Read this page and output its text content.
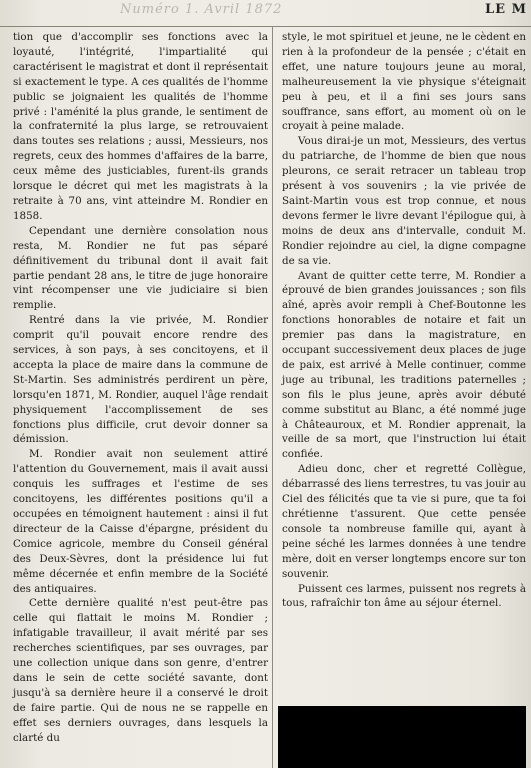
Numéro 1. Avril 1872	LE M

tion que d'accomplir ses fonctions avec la loyauté, l'intégrité, l'impartialité qui caractérisent le magistrat et dont il représentait si exactement le type. A ces qualités de l'homme public se joignaient les qualités de l'homme privé : l'aménité la plus grande, le sentiment de la confraternité la plus large, se retrouvaient dans toutes ses relations ; aussi, Messieurs, nos regrets, ceux des hommes d'affaires de la barre, ceux même des justiciables, furent-ils grands lorsque le décret qui met les magistrats à la retraite à 70 ans, vint atteindre M. Rondier en 1858.

Cependant une dernière consolation nous resta, M. Rondier ne fut pas séparé définitivement du tribunal dont il avait fait partie pendant 28 ans, le titre de juge honoraire vint récompenser une vie judiciaire si bien remplie.

Rentré dans la vie privée, M. Rondier comprit qu'il pouvait encore rendre des services, à son pays, à ses concitoyens, et il accepta la place de maire dans la commune de St-Martin. Ses administrés perdirent un père, lorsqu'en 1871, M. Rondier, auquel l'âge rendait physiquement l'accomplissement de ses fonctions plus difficile, crut devoir donner sa démission.

M. Rondier avait non seulement attiré l'attention du Gouvernement, mais il avait aussi conquis les suffrages et l'estime de ses concitoyens, les différentes positions qu'il a occupées en témoignent hautement : ainsi il fut directeur de la Caisse d'épargne, président du Comice agricole, membre du Conseil général des Deux-Sèvres, dont la présidence lui fut même décernée et enfin membre de la Société des antiquaires.

Cette dernière qualité n'est peut-être pas celle qui flattait le moins M. Rondier ; infatigable travailleur, il avait mérité par ses recherches scientifiques, par ses ouvrages, par une collection unique dans son genre, d'entrer dans le sein de cette société savante, dont jusqu'à sa dernière heure il a conservé le droit de faire partie. Qui de nous ne se rappelle en effet ses derniers ouvrages, dans lesquels la clarté du

style, le mot spirituel et jeune, ne le cèdent en rien à la profondeur de la pensée ; c'était en effet, une nature toujours jeune au moral, malheureusement la vie physique s'éteignait peu à peu, et il a fini ses jours sans souffrance, sans effort, au moment où on le croyait à peine malade.

Vous dirai-je un mot, Messieurs, des vertus du patriarche, de l'homme de bien que nous pleurons, ce serait retracer un tableau trop présent à vos souvenirs ; la vie privée de Saint-Martin vous est trop connue, et nous devons fermer le livre devant l'épilogue qui, à moins de deux ans d'intervalle, conduit M. Rondier rejoindre au ciel, la digne compagne de sa vie.

Avant de quitter cette terre, M. Rondier a éprouvé de bien grandes jouissances ; son fils aîné, après avoir rempli à Chef-Boutonne les fonctions honorables de notaire et fait un premier pas dans la magistrature, en occupant successivement deux places de juge de paix, est arrivé à Melle continuer, comme juge au tribunal, les traditions paternelles ; son fils le plus jeune, après avoir débuté comme substitut au Blanc, a été nommé juge à Châteauroux, et M. Rondier apprenait, la veille de sa mort, que l'instruction lui était confiée.

Adieu donc, cher et regretté Collègue, débarrassé des liens terrestres, tu vas jouir au Ciel des félicités que ta vie si pure, que ta foi chrétienne t'assurent. Que cette pensée console ta nombreuse famille qui, ayant à peine séché les larmes données à une tendre mère, doit en verser longtemps encore sur ton souvenir.

Puissent ces larmes, puissent nos regrets à tous, rafraîchir ton âme au séjour éternel.
